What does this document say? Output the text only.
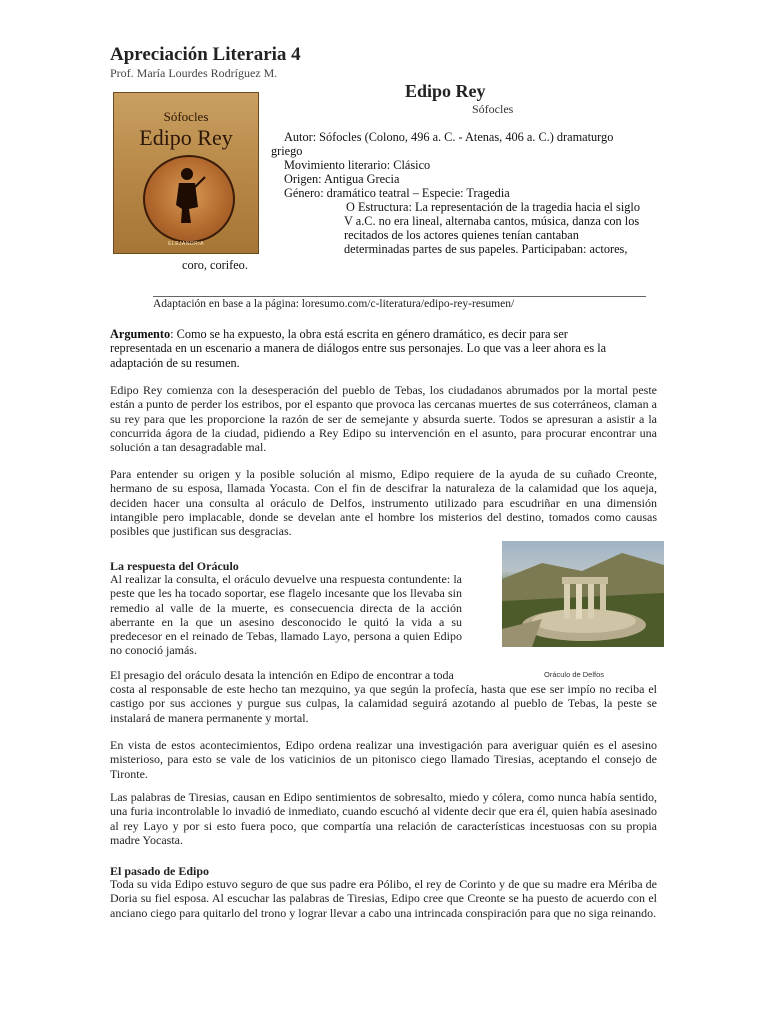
Apreciación Literaria 4
Prof. María Lourdes Rodríguez M.
Edipo Rey
Sófocles
Sófocles
Edipo Rey
ELEJANDRIA
Autor: Sófocles (Colono, 496 a. C. - Atenas, 406 a. C.) dramaturgo
griego
Movimiento literario: Clásico
Origen: Antigua Grecia
Género: dramático teatral – Especie: Tragedia
O Estructura: La representación de la tragedia hacia el siglo
V a.C. no era lineal, alternaba cantos, música, danza con los
recitados de los actores quienes tenían cantaban
determinadas partes de sus papeles. Participaban: actores,
coro, corifeo.
Adaptación en base a la página: loresumo.com/c-literatura/edipo-rey-resumen/
Argumento: Como se ha expuesto, la obra está escrita en género dramático, es decir para ser representada en un escenario a manera de diálogos entre sus personajes. Lo que vas a leer ahora es la adaptación de su resumen.
Edipo Rey comienza con la desesperación del pueblo de Tebas, los ciudadanos abrumados por la mortal peste están a punto de perder los estribos, por el espanto que provoca las cercanas muertes de sus coterráneos, claman a su rey para que les proporcione la razón de ser de semejante y absurda suerte. Todos se apresuran a asistir a la concurrida ágora de la ciudad, pidiendo a Rey Edipo su intervención en el asunto, para procurar encontrar una solución a tan desagradable mal.
Para entender su origen y la posible solución al mismo, Edipo requiere de la ayuda de su cuñado Creonte, hermano de su esposa, llamada Yocasta. Con el fin de descifrar la naturaleza de la calamidad que los aqueja, deciden hacer una consulta al oráculo de Delfos, instrumento utilizado para escudriñar en una dimensión intangible pero implacable, donde se develan ante el hombre los misterios del destino, tomados como causas posibles que justifican sus desgracias.
La respuesta del Oráculo
Al realizar la consulta, el oráculo devuelve una respuesta contundente: la peste que les ha tocado soportar, ese flagelo incesante que los llevaba sin remedio al valle de la muerte, es consecuencia directa de la acción aberrante en la que un asesino desconocido le quitó la vida a su predecesor en el reinado de Tebas, llamado Layo, persona a quien Edipo no conoció jamás.
Oráculo de Delfos
El presagio del oráculo desata la intención en Edipo de encontrar a toda
costa al responsable de este hecho tan mezquino, ya que según la profecía, hasta que ese ser impío no reciba el castigo por sus acciones y purgue sus culpas, la calamidad seguirá azotando al pueblo de Tebas, la peste se instalará de manera permanente y mortal.
En vista de estos acontecimientos, Edipo ordena realizar una investigación para averiguar quién es el asesino misterioso, para esto se vale de los vaticinios de un pitonisco ciego llamado Tiresias, aceptando el consejo de Tironte.
Las palabras de Tiresias, causan en Edipo sentimientos de sobresalto, miedo y cólera, como nunca había sentido, una furia incontrolable lo invadió de inmediato, cuando escuchó al vidente decir que era él, quien había asesinado al rey Layo y por si esto fuera poco, que compartía una relación de características incestuosas con su propia madre Yocasta.
El pasado de Edipo
Toda su vida Edipo estuvo seguro de que sus padre era Pólibo, el rey de Corinto y de que su madre era Mériba de Doria su fiel esposa. Al escuchar las palabras de Tiresias, Edipo cree que Creonte se ha puesto de acuerdo con el anciano ciego para quitarlo del trono y lograr llevar a cabo una intrincada conspiración para que no siga reinando.
